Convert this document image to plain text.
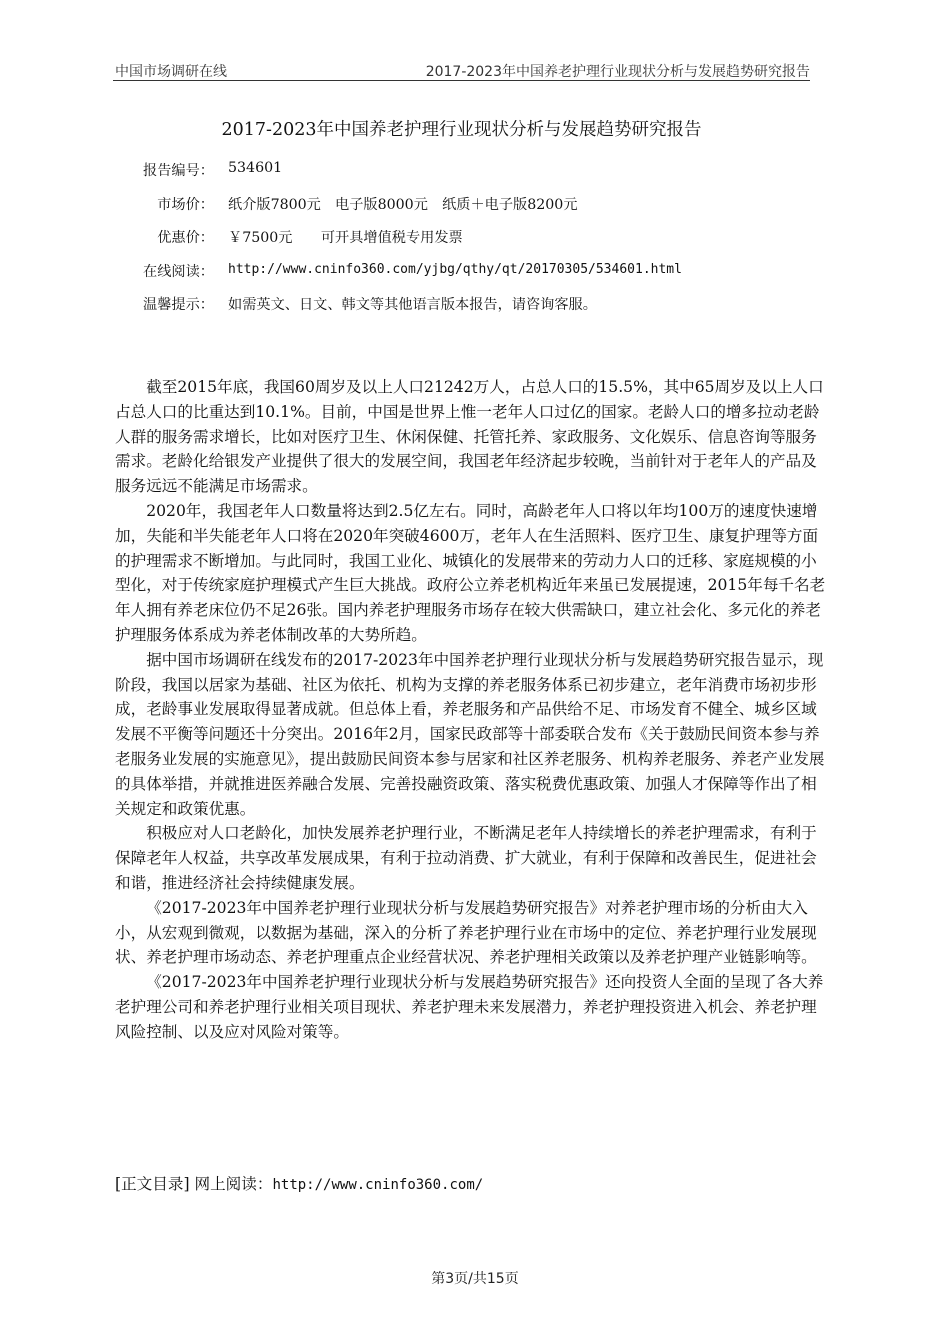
中国市场调研在线	2017-2023年中国养老护理行业现状分析与发展趋势研究报告
2017-2023年中国养老护理行业现状分析与发展趋势研究报告
报告编号： 534601
市场价： 纸介版7800元　电子版8000元　纸质＋电子版8200元
优惠价： ￥7500元　　可开具增值税专用发票
在线阅读： http://www.cninfo360.com/yjbg/qthy/qt/20170305/534601.html
温馨提示： 如需英文、日文、韩文等其他语言版本报告，请咨询客服。

截至2015年底，我国60周岁及以上人口21242万人，占总人口的15.5%，其中65周岁及以上人口占总人口的比重达到10.1%。目前，中国是世界上惟一老年人口过亿的国家。老龄人口的增多拉动老龄人群的服务需求增长，比如对医疗卫生、休闲保健、托管托养、家政服务、文化娱乐、信息咨询等服务需求。老龄化给银发产业提供了很大的发展空间，我国老年经济起步较晚，当前针对于老年人的产品及服务远远不能满足市场需求。

2020年，我国老年人口数量将达到2.5亿左右。同时，高龄老年人口将以年均100万的速度快速增加，失能和半失能老年人口将在2020年突破4600万，老年人在生活照料、医疗卫生、康复护理等方面的护理需求不断增加。与此同时，我国工业化、城镇化的发展带来的劳动力人口的迁移、家庭规模的小型化，对于传统家庭护理模式产生巨大挑战。政府公立养老机构近年来虽已发展提速，2015年每千名老年人拥有养老床位仍不足26张。国内养老护理服务市场存在较大供需缺口，建立社会化、多元化的养老护理服务体系成为养老体制改革的大势所趋。

据中国市场调研在线发布的2017-2023年中国养老护理行业现状分析与发展趋势研究报告显示，现阶段，我国以居家为基础、社区为依托、机构为支撑的养老服务体系已初步建立，老年消费市场初步形成，老龄事业发展取得显著成就。但总体上看，养老服务和产品供给不足、市场发育不健全、城乡区域发展不平衡等问题还十分突出。2016年2月，国家民政部等十部委联合发布《关于鼓励民间资本参与养老服务业发展的实施意见》，提出鼓励民间资本参与居家和社区养老服务、机构养老服务、养老产业发展的具体举措，并就推进医养融合发展、完善投融资政策、落实税费优惠政策、加强人才保障等作出了相关规定和政策优惠。

积极应对人口老龄化，加快发展养老护理行业，不断满足老年人持续增长的养老护理需求，有利于保障老年人权益，共享改革发展成果，有利于拉动消费、扩大就业，有利于保障和改善民生，促进社会和谐，推进经济社会持续健康发展。

《2017-2023年中国养老护理行业现状分析与发展趋势研究报告》对养老护理市场的分析由大入小，从宏观到微观，以数据为基础，深入的分析了养老护理行业在市场中的定位、养老护理行业发展现状、养老护理市场动态、养老护理重点企业经营状况、养老护理相关政策以及养老护理产业链影响等。

《2017-2023年中国养老护理行业现状分析与发展趋势研究报告》还向投资人全面的呈现了各大养老护理公司和养老护理行业相关项目现状、养老护理未来发展潜力，养老护理投资进入机会、养老护理风险控制、以及应对风险对策等。

[正文目录] 网上阅读：http://www.cninfo360.com/
第3页/共15页
